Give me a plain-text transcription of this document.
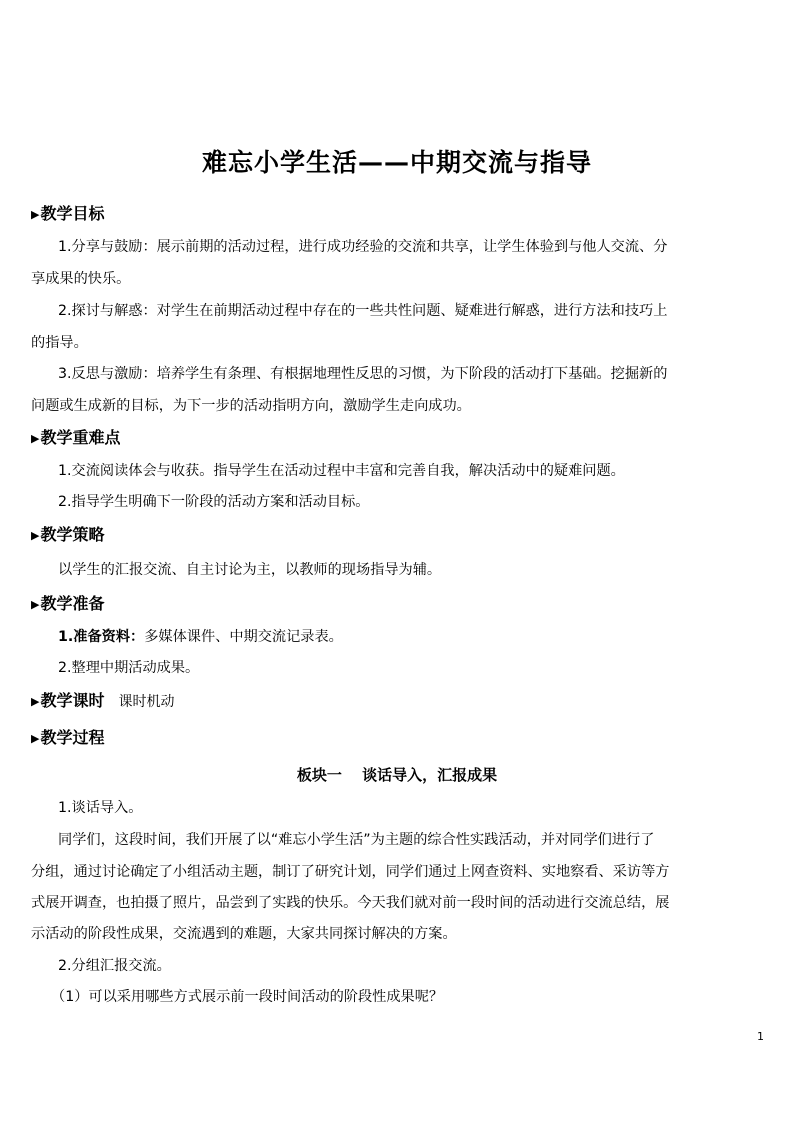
难忘小学生活——中期交流与指导
▶教学目标
1.分享与鼓励：展示前期的活动过程，进行成功经验的交流和共享，让学生体验到与他人交流、分
享成果的快乐。
2.探讨与解惑：对学生在前期活动过程中存在的一些共性问题、疑难进行解惑，进行方法和技巧上
的指导。
3.反思与激励：培养学生有条理、有根据地理性反思的习惯，为下阶段的活动打下基础。挖掘新的
问题或生成新的目标，为下一步的活动指明方向，激励学生走向成功。
▶教学重难点
1.交流阅读体会与收获。指导学生在活动过程中丰富和完善自我，解决活动中的疑难问题。
2.指导学生明确下一阶段的活动方案和活动目标。
▶教学策略
以学生的汇报交流、自主讨论为主，以教师的现场指导为辅。
▶教学准备
1.准备资料：多媒体课件、中期交流记录表。
2.整理中期活动成果。
▶教学课时 课时机动
▶教学过程
板块一　 谈话导入，汇报成果
1.谈话导入。
同学们，这段时间，我们开展了以“难忘小学生活”为主题的综合性实践活动，并对同学们进行了
分组，通过讨论确定了小组活动主题，制订了研究计划，同学们通过上网查资料、实地察看、采访等方
式展开调查，也拍摄了照片，品尝到了实践的快乐。今天我们就对前一段时间的活动进行交流总结，展
示活动的阶段性成果，交流遇到的难题，大家共同探讨解决的方案。
2.分组汇报交流。
（1）可以采用哪些方式展示前一段时间活动的阶段性成果呢？
1
